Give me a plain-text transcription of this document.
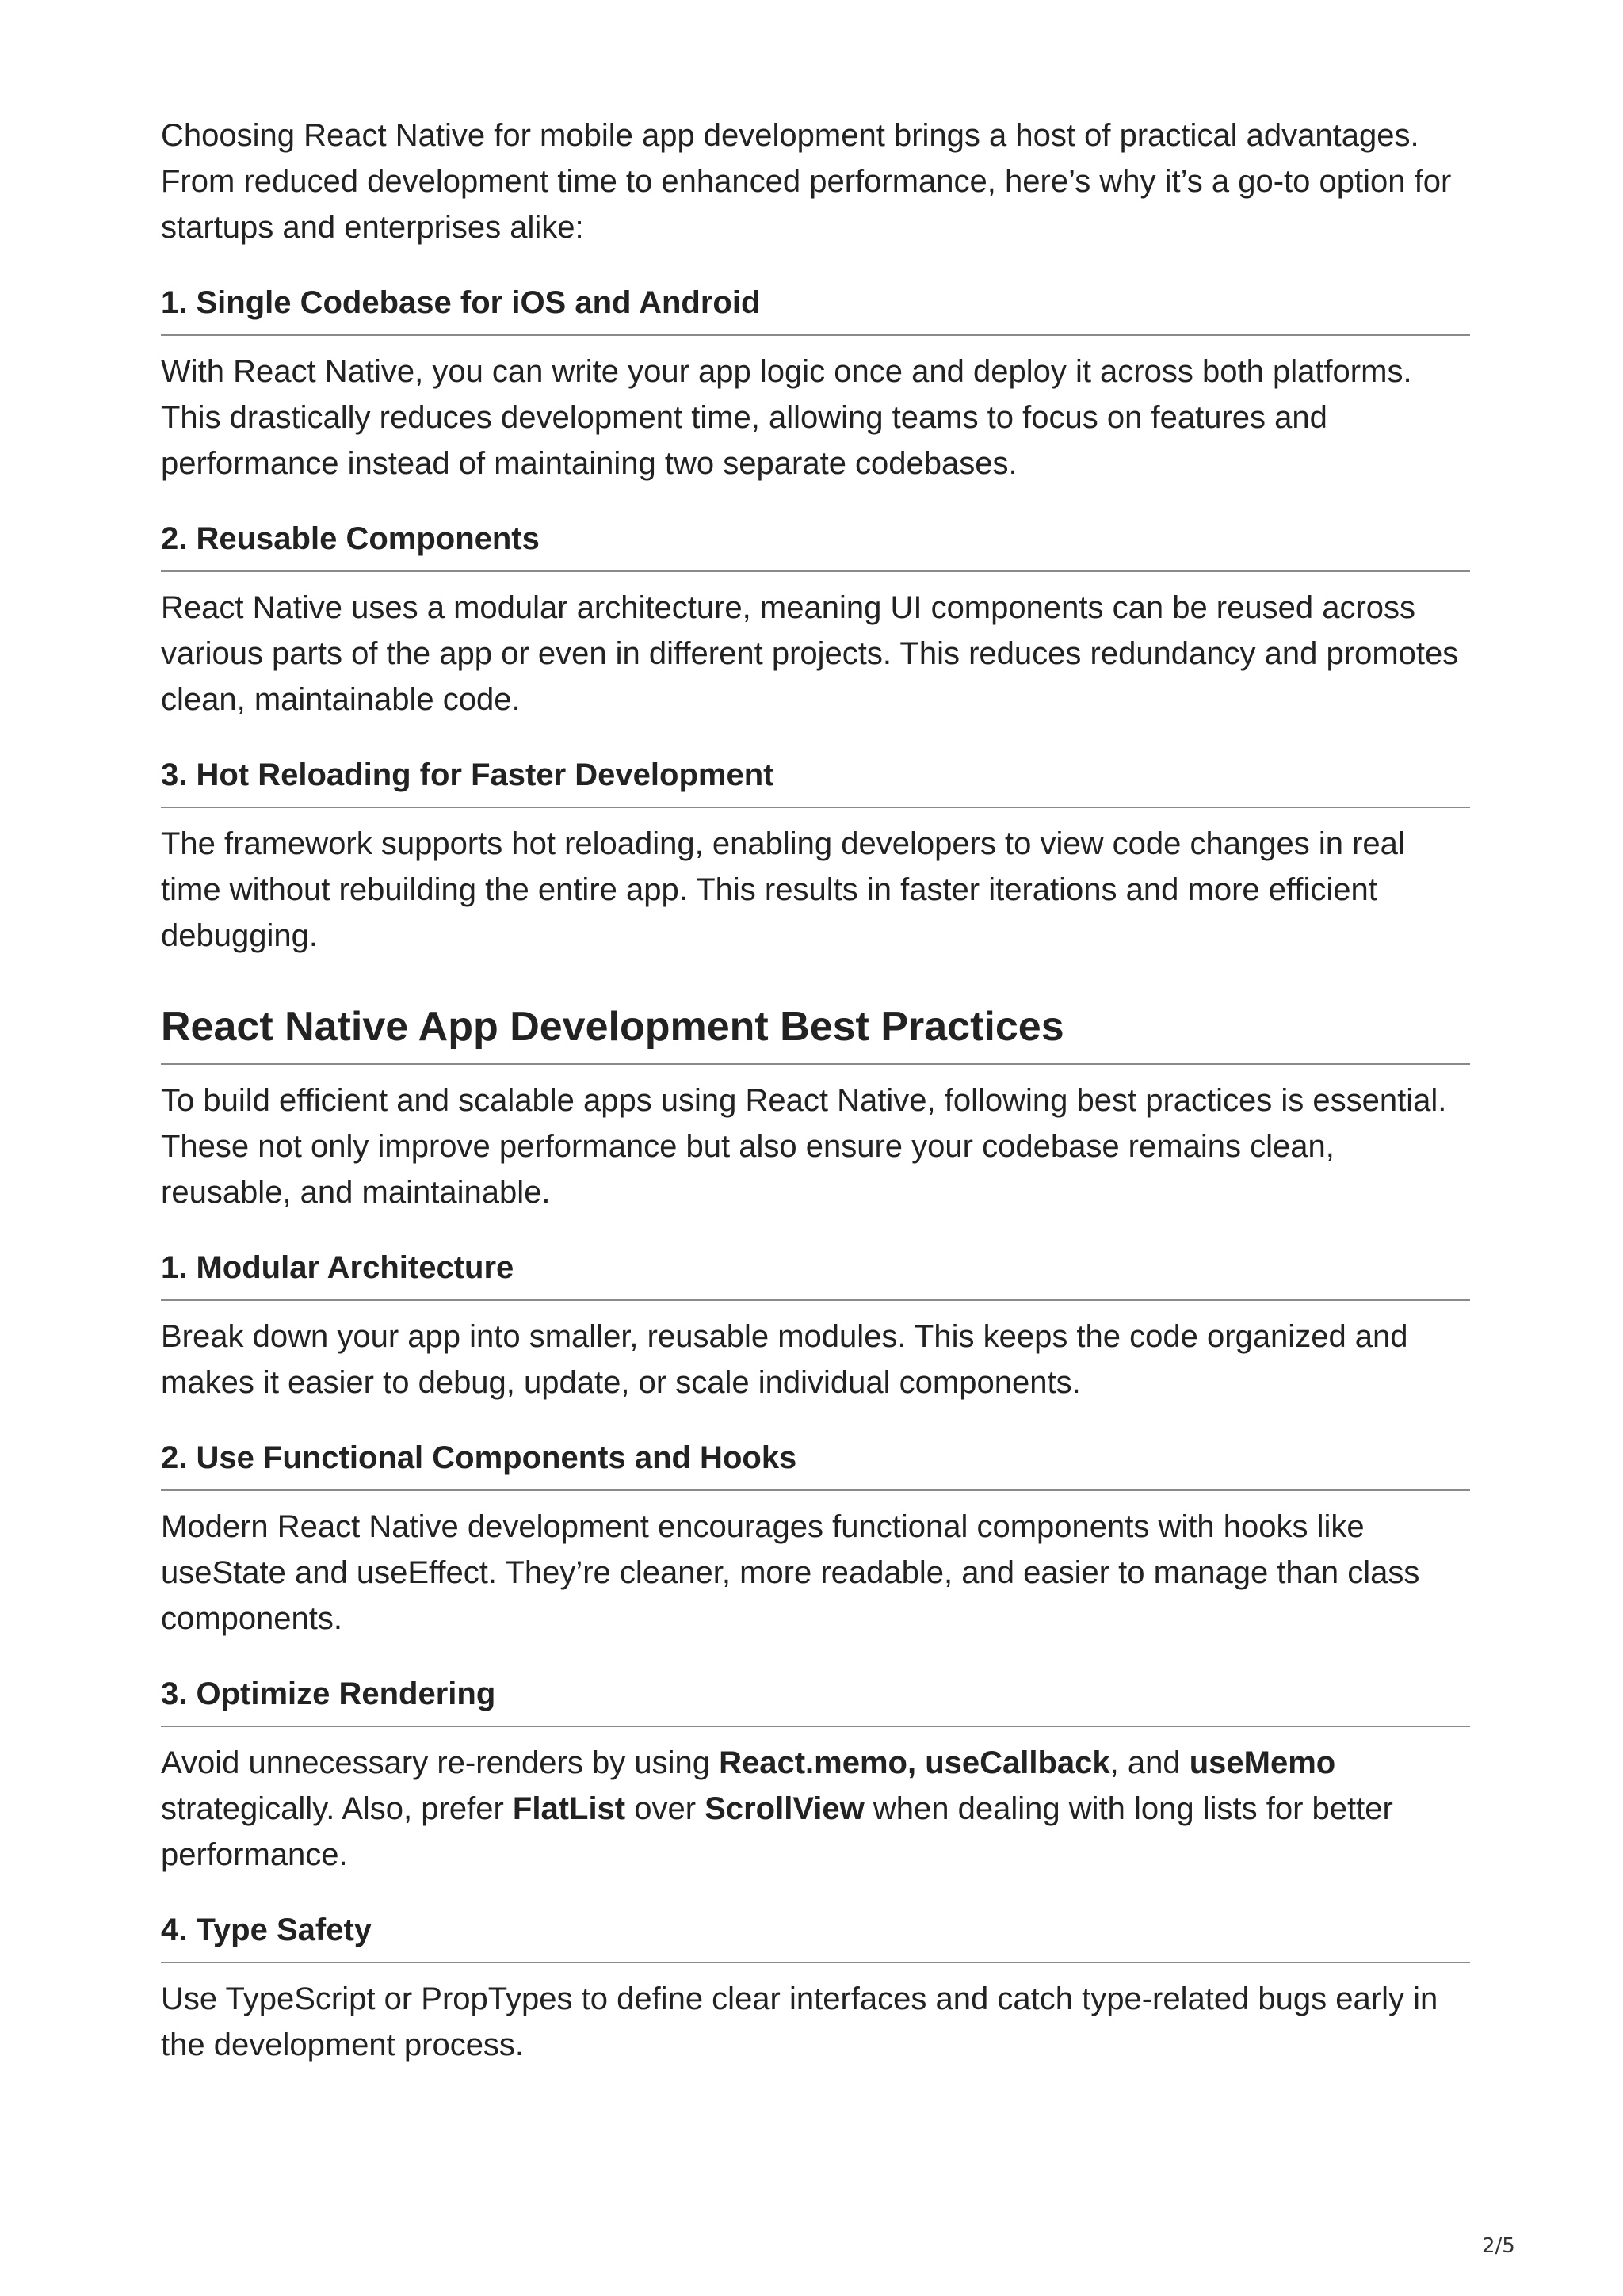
Choosing React Native for mobile app development brings a host of practical advantages. From reduced development time to enhanced performance, here’s why it’s a go-to option for startups and enterprises alike:

1. Single Codebase for iOS and Android

With React Native, you can write your app logic once and deploy it across both platforms. This drastically reduces development time, allowing teams to focus on features and performance instead of maintaining two separate codebases.

2. Reusable Components

React Native uses a modular architecture, meaning UI components can be reused across various parts of the app or even in different projects. This reduces redundancy and promotes clean, maintainable code.

3. Hot Reloading for Faster Development

The framework supports hot reloading, enabling developers to view code changes in real time without rebuilding the entire app. This results in faster iterations and more efficient debugging.

React Native App Development Best Practices

To build efficient and scalable apps using React Native, following best practices is essential. These not only improve performance but also ensure your codebase remains clean, reusable, and maintainable.

1. Modular Architecture

Break down your app into smaller, reusable modules. This keeps the code organized and makes it easier to debug, update, or scale individual components.

2. Use Functional Components and Hooks

Modern React Native development encourages functional components with hooks like useState and useEffect. They’re cleaner, more readable, and easier to manage than class components.

3. Optimize Rendering

Avoid unnecessary re-renders by using React.memo, useCallback, and useMemo strategically. Also, prefer FlatList over ScrollView when dealing with long lists for better performance.

4. Type Safety

Use TypeScript or PropTypes to define clear interfaces and catch type-related bugs early in the development process.

2/5
